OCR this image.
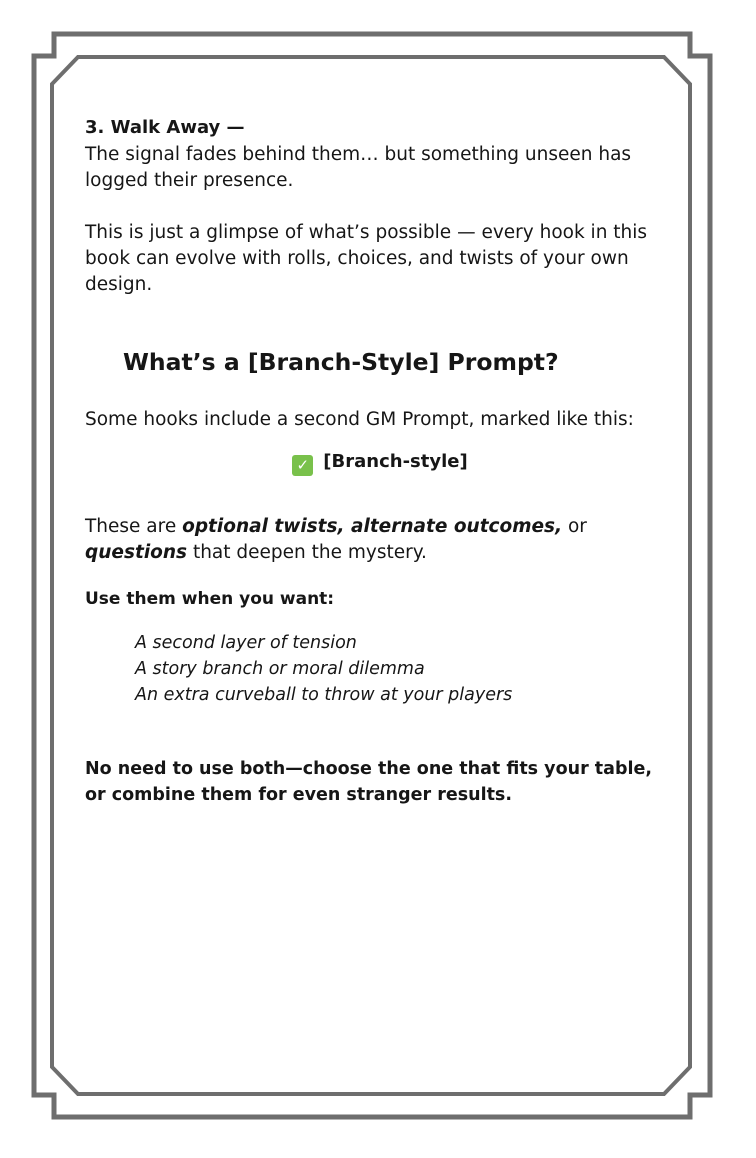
3. Walk Away —

The signal fades behind them… but something unseen has logged their presence.

This is just a glimpse of what’s possible — every hook in this book can evolve with rolls, choices, and twists of your own design.

What’s a [Branch-Style] Prompt?

Some hooks include a second GM Prompt, marked like this:

✓ [Branch-style]

These are optional twists, alternate outcomes, or questions that deepen the mystery.

Use them when you want:

A second layer of tension
A story branch or moral dilemma
An extra curveball to throw at your players

No need to use both—choose the one that fits your table, or combine them for even stranger results.
